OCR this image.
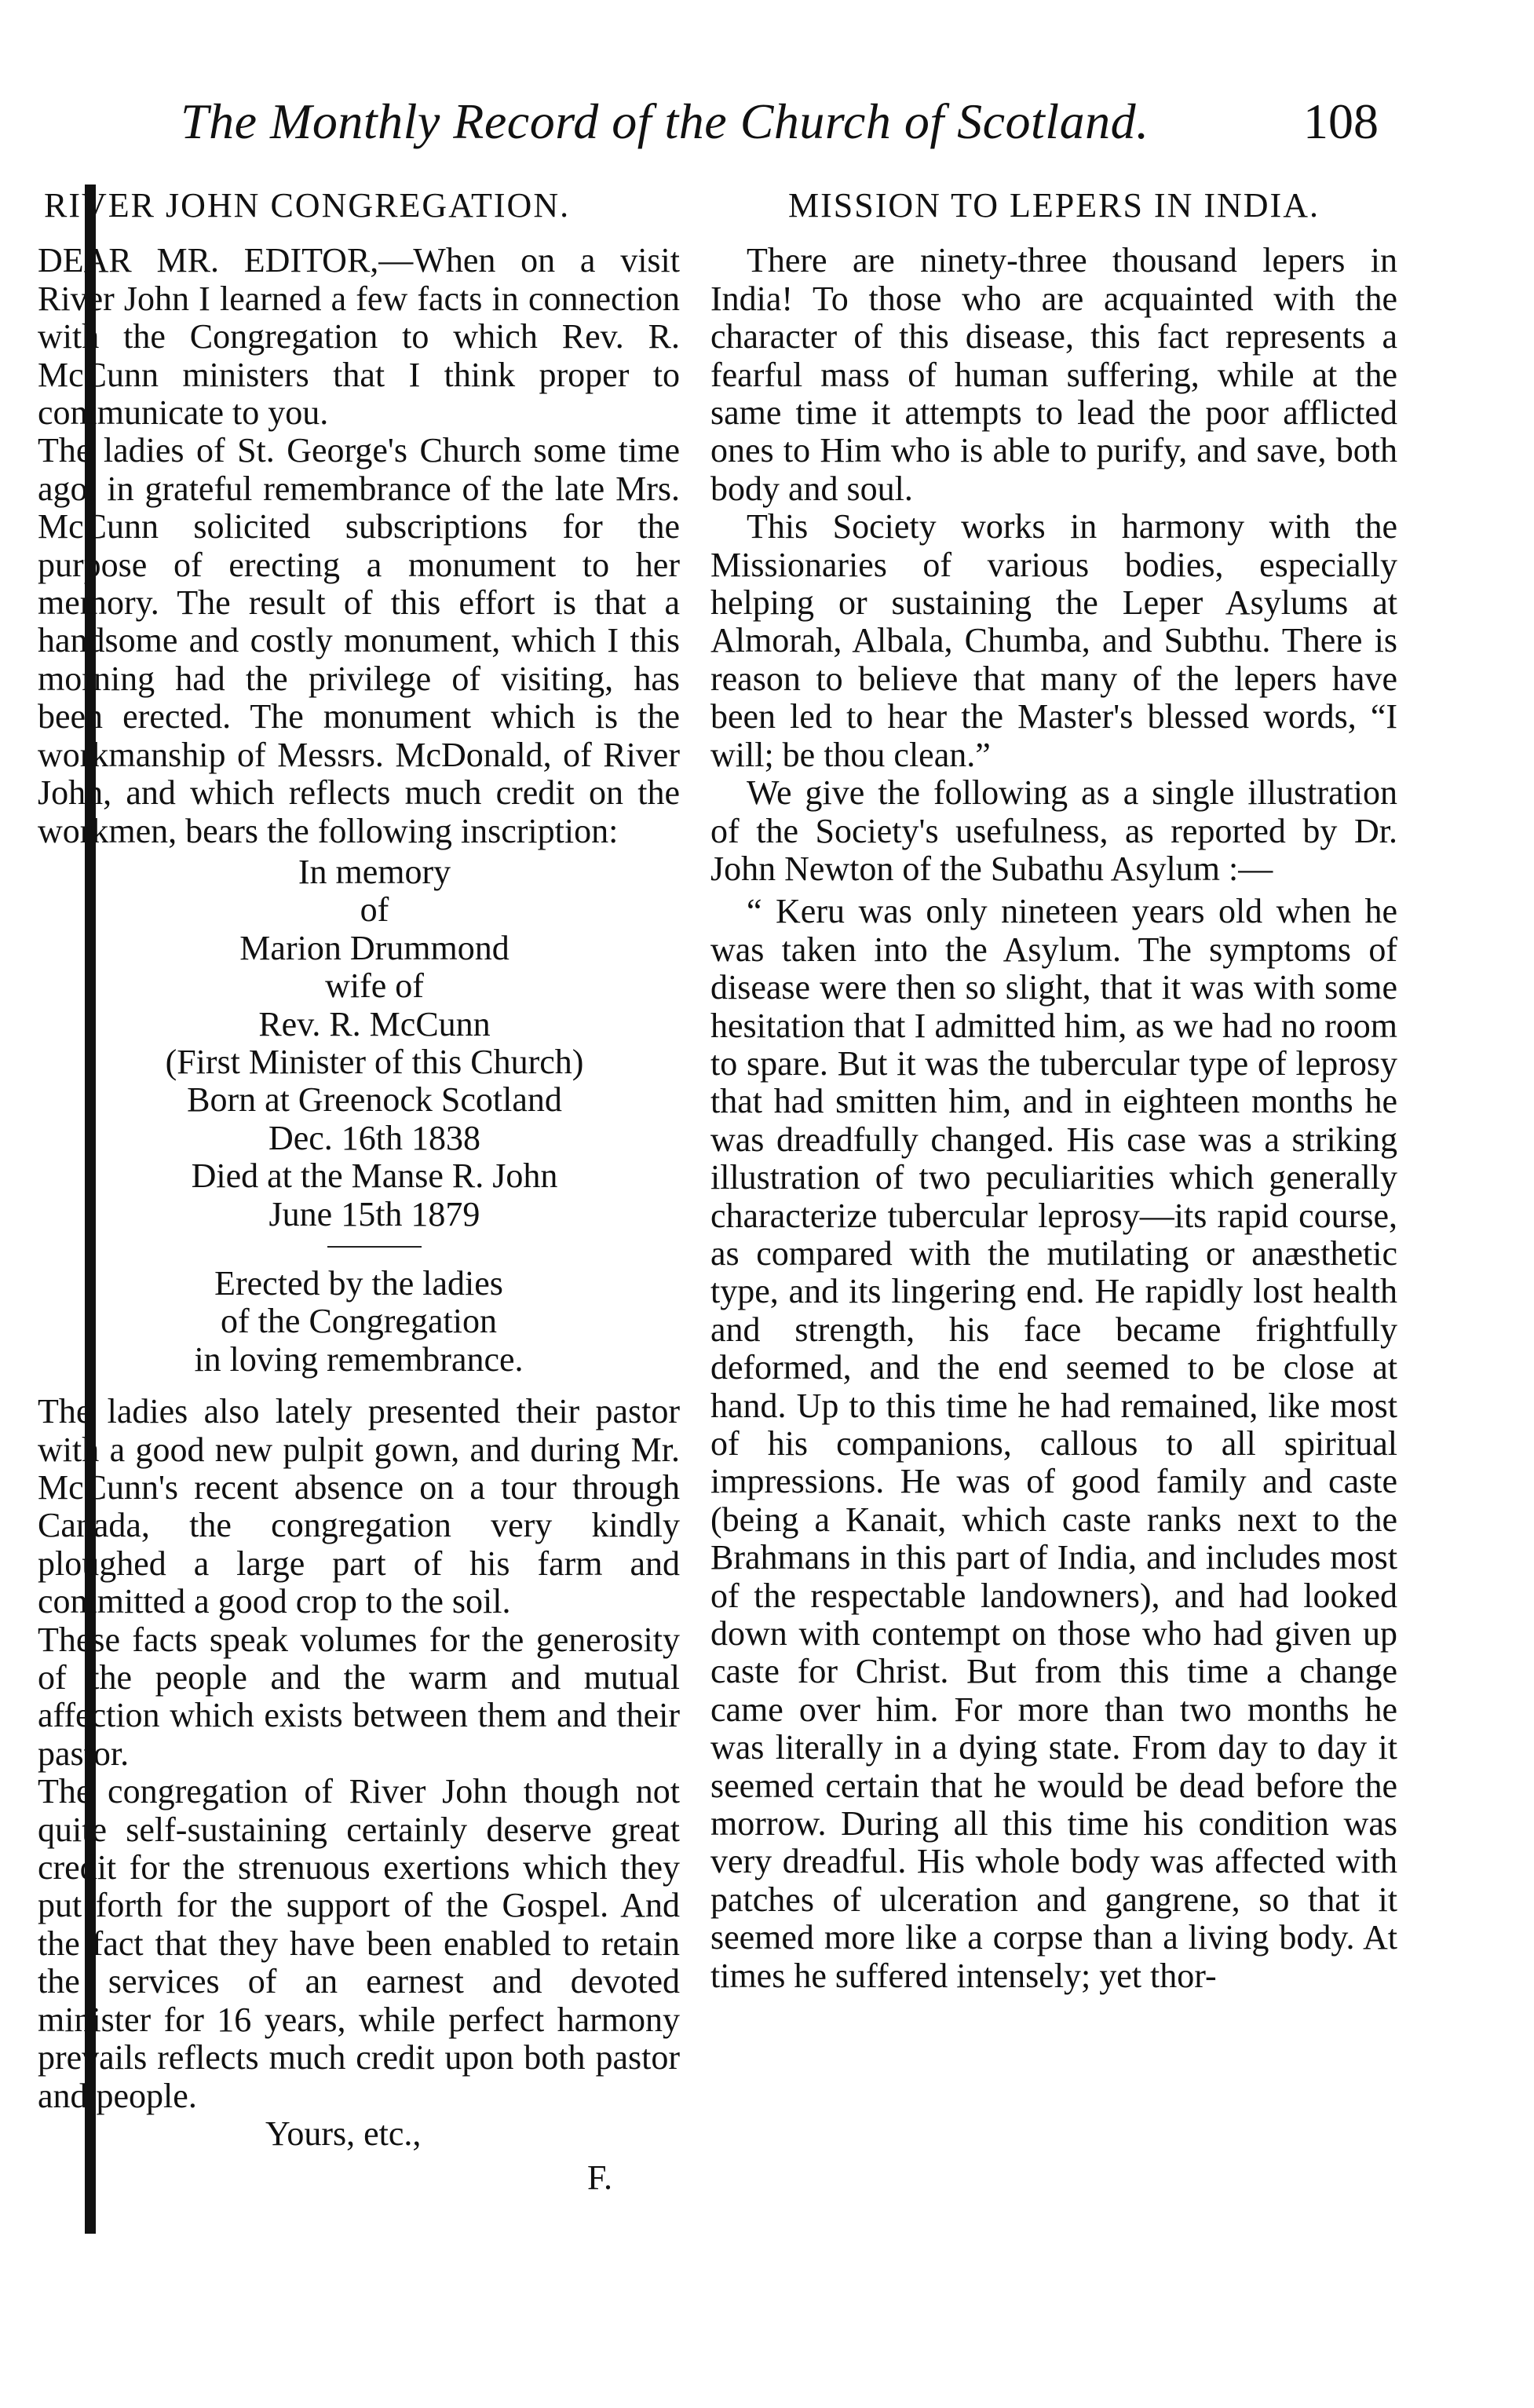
The Monthly Record of the Church of Scotland.	108
RIVER JOHN CONGREGATION.

DEAR MR. EDITOR,—When on a visit River John I learned a few facts in connection with the Congregation to which Rev. R. McCunn ministers that I think proper to communicate to you.

The ladies of St. George's Church some time ago, in grateful remembrance of the late Mrs. McCunn solicited subscriptions for the purpose of erecting a monument to her memory. The result of this effort is that a handsome and costly monument, which I this morning had the privilege of visiting, has been erected. The monument which is the workmanship of Messrs. McDonald, of River John, and which reflects much credit on the workmen, bears the following inscription:

In memory
of
Marion Drummond
wife of
Rev. R. McCunn
(First Minister of this Church)
Born at Greenock Scotland
Dec. 16th 1838
Died at the Manse R. John
June 15th 1879
Erected by the ladies
of the Congregation
in loving remembrance.

The ladies also lately presented their pastor with a good new pulpit gown, and during Mr. McCunn's recent absence on a tour through Canada, the congregation very kindly ploughed a large part of his farm and committed a good crop to the soil.

These facts speak volumes for the generosity of the people and the warm and mutual affection which exists between them and their pastor.

The congregation of River John though not quite self-sustaining certainly deserve great credit for the strenuous exertions which they put forth for the support of the Gospel. And the fact that they have been enabled to retain the services of an earnest and devoted minister for 16 years, while perfect harmony prevails reflects much credit upon both pastor and people.

Yours, etc.,
F.
MISSION TO LEPERS IN INDIA.

There are ninety-three thousand lepers in India! To those who are acquainted with the character of this disease, this fact represents a fearful mass of human suffering, while at the same time it attempts to lead the poor afflicted ones to Him who is able to purify, and save, both body and soul.

This Society works in harmony with the Missionaries of various bodies, especially helping or sustaining the Leper Asylums at Almorah, Albala, Chumba, and Subthu. There is reason to believe that many of the lepers have been led to hear the Master's blessed words, “I will; be thou clean.”

We give the following as a single illustration of the Society's usefulness, as reported by Dr. John Newton of the Subathu Asylum :—

“ Keru was only nineteen years old when he was taken into the Asylum. The symptoms of disease were then so slight, that it was with some hesitation that I admitted him, as we had no room to spare. But it was the tubercular type of leprosy that had smitten him, and in eighteen months he was dreadfully changed. His case was a striking illustration of two peculiarities which generally characterize tubercular leprosy—its rapid course, as compared with the mutilating or anæsthetic type, and its lingering end. He rapidly lost health and strength, his face became frightfully deformed, and the end seemed to be close at hand. Up to this time he had remained, like most of his companions, callous to all spiritual impressions. He was of good family and caste (being a Kanait, which caste ranks next to the Brahmans in this part of India, and includes most of the respectable landowners), and had looked down with contempt on those who had given up caste for Christ. But from this time a change came over him. For more than two months he was literally in a dying state. From day to day it seemed certain that he would be dead before the morrow. During all this time his condition was very dreadful. His whole body was affected with patches of ulceration and gangrene, so that it seemed more like a corpse than a living body. At times he suffered intensely; yet thor-
